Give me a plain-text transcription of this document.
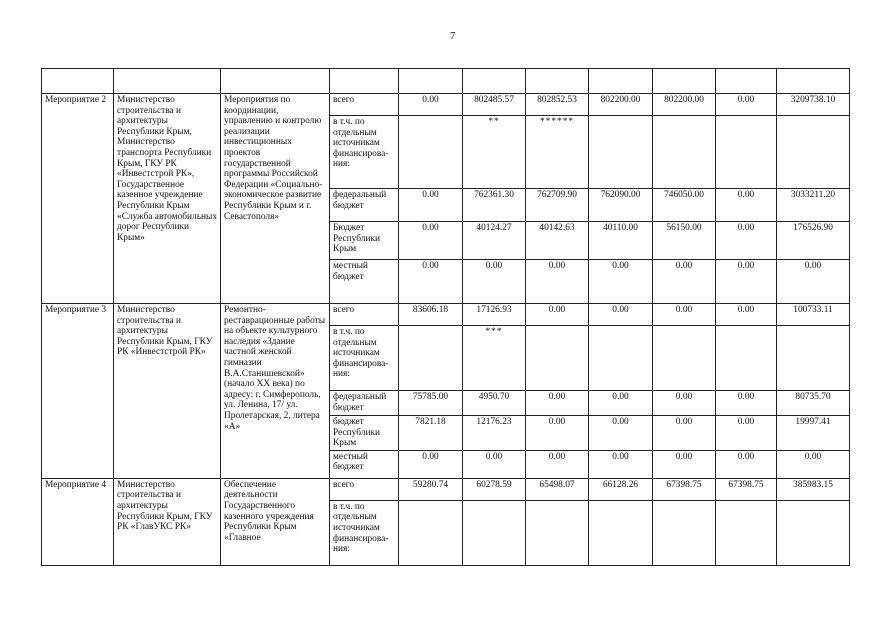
7

Мероприятие 2	Министерство строительства и архитектуры Республики Крым, Министерство транспорта Республики Крым, ГКУ РК «Инвестстрой РК», Государственное казенное учреждение Республики Крым «Служба автомобильных дорог Республики Крым»	Мероприятия по координации, управлению и контролю реализации инвестиционных проектов государственной программы Российской Федерации «Социально-экономическое развитие Республики Крым и г. Севастополя»	всего	0.00	802485.57	802852.53	802200.00	802200.00	0.00	3209738.10
			в т.ч. по отдельным источникам финансирова-ния:		**	******				
			федеральный бюджет	0.00	762361.30	762709.90	762090.00	746050.00	0.00	3033211.20
			Бюджет Республики Крым	0.00	40124.27	40142.63	40110.00	56150.00	0.00	176526.90
			местный бюджет	0.00	0.00	0.00	0.00	0.00	0.00	0.00
Мероприятие 3	Министерство строительства и архитектуры Республики Крым, ГКУ РК «Инвестстрой РК»	Ремонтно-реставрационные работы на объекте культурного наследия «Здание частной женской гимназии В.А.Станишевской» (начало XX века) по адресу: г. Симферополь, ул. Ленина, 17/ ул. Пролетарская, 2, литера «А»	всего	83606.18	17126.93	0.00	0.00	0.00	0.00	100733.11
			в т.ч. по отдельным источникам финансирова-ния:		***					
			федеральный бюджет	75785.00	4950.70	0.00	0.00	0.00	0.00	80735.70
			бюджет Республики Крым	7821.18	12176.23	0.00	0.00	0.00	0.00	19997.41
			местный бюджет	0.00	0.00	0.00	0.00	0.00	0.00	0.00
Мероприятие 4	Министерство строительства и архитектуры Республики Крым, ГКУ РК «ГлавУКС РК»	Обеспечение деятельности Государственного казенного учреждения Республики Крым «Главное	всего	59280.74	60278.59	65498.07	66128.26	67398.75	67398.75	385983.15
			в т.ч. по отдельным источникам финансирова-ния:							
